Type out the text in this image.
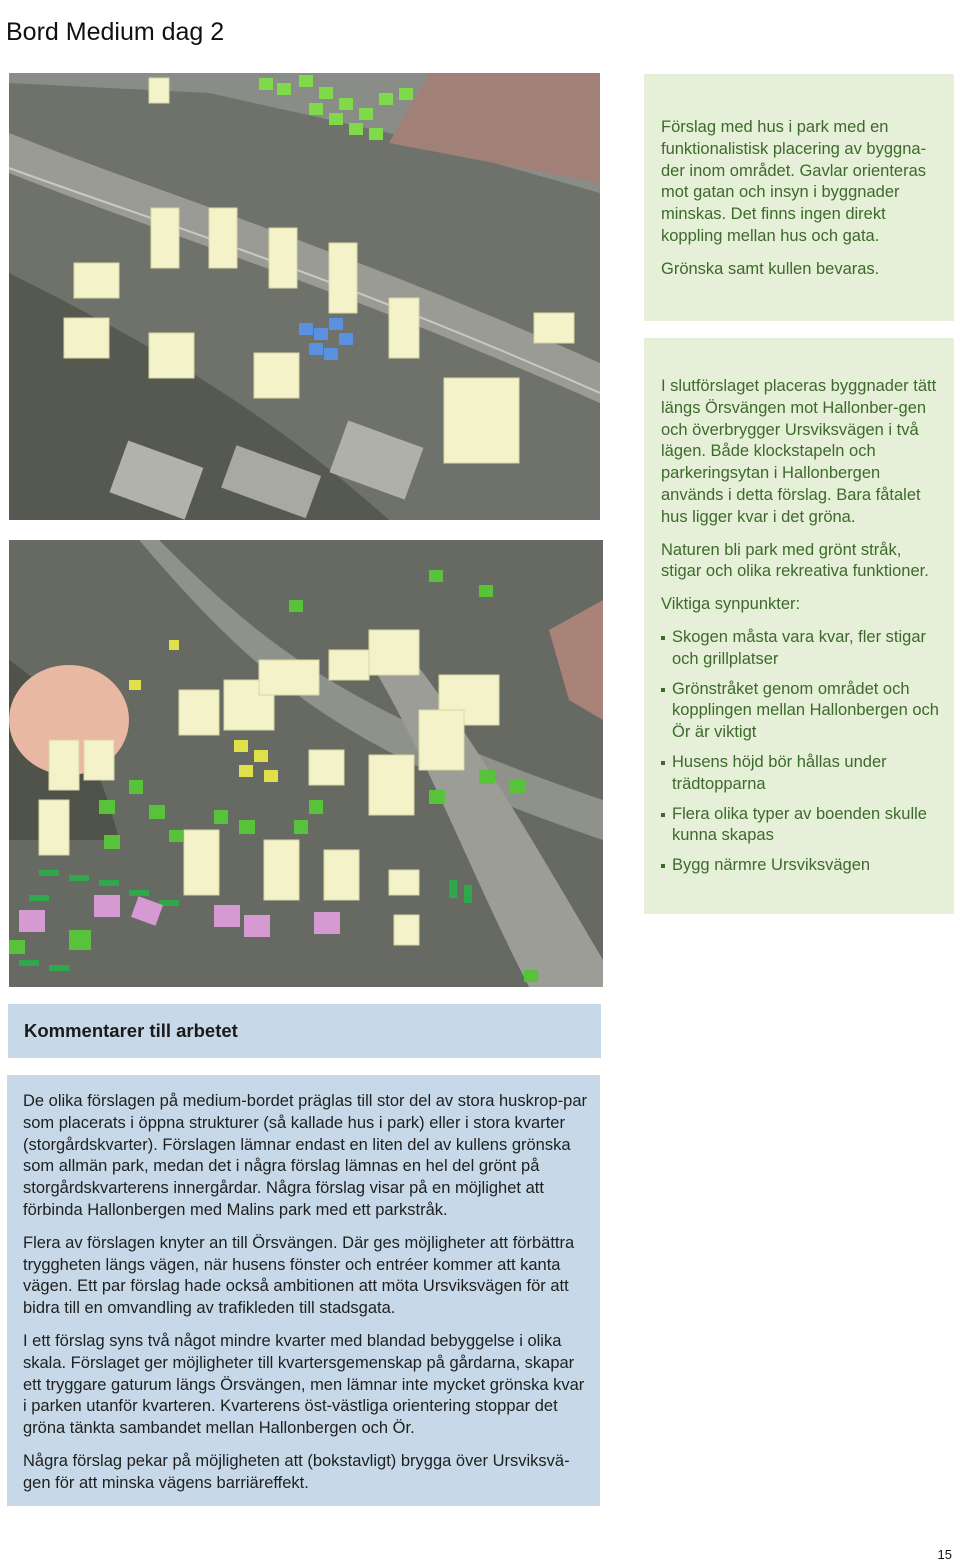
Bord Medium dag 2

Förslag med hus i park med en funktionalistisk placering av byggna-der inom området. Gavlar orienteras mot gatan och insyn i byggnader minskas. Det finns ingen direkt koppling mellan hus och gata.

Grönska samt kullen bevaras.

I slutförslaget placeras byggnader tätt längs Örsvängen mot Hallonber-gen och överbrygger Ursviksvägen i två lägen. Både klockstapeln och parkeringsytan i Hallonbergen används i detta förslag. Bara fåtalet hus ligger kvar i det gröna.

Naturen bli park med grönt stråk, stigar och olika rekreativa funktioner.

Viktiga synpunkter:

Skogen måsta vara kvar, fler stigar och grillplatser
Grönstråket genom området och kopplingen mellan Hallonbergen och Ör är viktigt
Husens höjd bör hållas under trädtopparna
Flera olika typer av boenden skulle kunna skapas
Bygg närmre Ursviksvägen
Kommentarer till arbetet

De olika förslagen på medium-bordet präglas till stor del av stora huskrop-par som placerats i öppna strukturer (så kallade hus i park) eller i stora kvarter (storgårdskvarter). Förslagen lämnar endast en liten del av kullens grönska som allmän park, medan det i några förslag lämnas en hel del grönt på storgårdskvarterens innergårdar. Några förslag visar på en möjlighet att förbinda Hallonbergen med Malins park med ett parkstråk.

Flera av förslagen knyter an till Örsvängen. Där ges möjligheter att förbättra tryggheten längs vägen, när husens fönster och entréer kommer att kanta vägen. Ett par förslag hade också ambitionen att möta Ursviksvägen för att bidra till en omvandling av trafikleden till stadsgata.

I ett förslag syns två något mindre kvarter med blandad bebyggelse i olika skala. Förslaget ger möjligheter till kvartersgemenskap på gårdarna, skapar ett tryggare gaturum längs Örsvängen, men lämnar inte mycket grönska kvar i parken utanför kvarteren. Kvarterens öst-västliga orientering stoppar det gröna tänkta sambandet mellan Hallonbergen och Ör.

Några förslag pekar på möjligheten att (bokstavligt) brygga över Ursviksvä-gen för att minska vägens barriäreffekt.

15
